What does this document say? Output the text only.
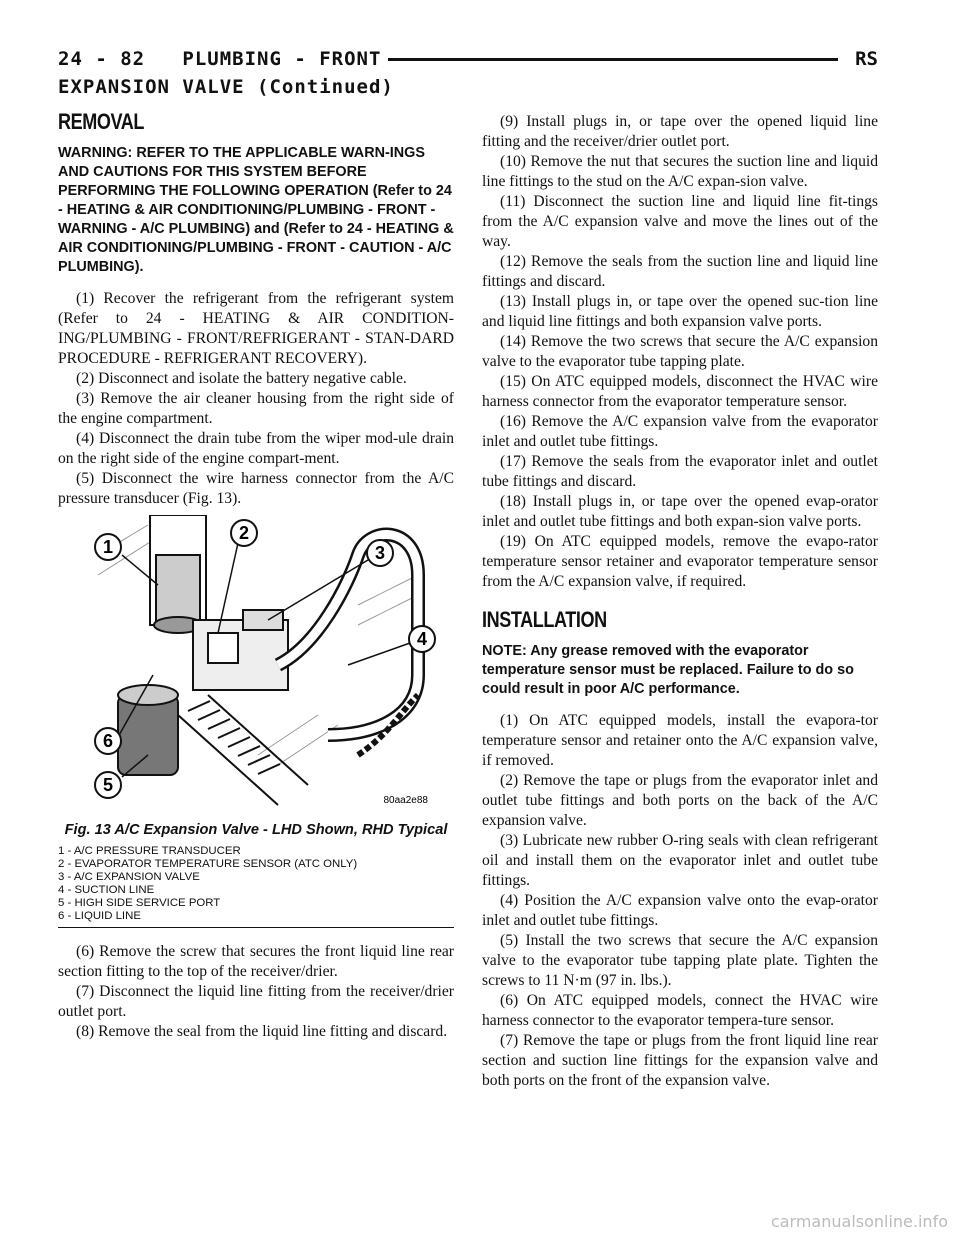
24 - 82 PLUMBING - FRONT	RS
EXPANSION VALVE (Continued)
REMOVAL
WARNING: REFER TO THE APPLICABLE WARN-INGS AND CAUTIONS FOR THIS SYSTEM BEFORE PERFORMING THE FOLLOWING OPERATION (Refer to 24 - HEATING & AIR CONDITIONING/PLUMBING - FRONT - WARNING - A/C PLUMBING) and (Refer to 24 - HEATING & AIR CONDITIONING/PLUMBING - FRONT - CAUTION - A/C PLUMBING).

(1) Recover the refrigerant from the refrigerant system (Refer to 24 - HEATING & AIR CONDITION-ING/PLUMBING - FRONT/REFRIGERANT - STAN-DARD PROCEDURE - REFRIGERANT RECOVERY).

(2) Disconnect and isolate the battery negative cable.

(3) Remove the air cleaner housing from the right side of the engine compartment.

(4) Disconnect the drain tube from the wiper mod-ule drain on the right side of the engine compart-ment.

(5) Disconnect the wire harness connector from the A/C pressure transducer (Fig. 13).

1
2
3
4
5
6
80aa2e88
Fig. 13 A/C Expansion Valve - LHD Shown, RHD Typical
1 - A/C PRESSURE TRANSDUCER
2 - EVAPORATOR TEMPERATURE SENSOR (ATC ONLY)
3 - A/C EXPANSION VALVE
4 - SUCTION LINE
5 - HIGH SIDE SERVICE PORT
6 - LIQUID LINE

(6) Remove the screw that secures the front liquid line rear section fitting to the top of the receiver/drier.

(7) Disconnect the liquid line fitting from the receiver/drier outlet port.

(8) Remove the seal from the liquid line fitting and discard.

(9) Install plugs in, or tape over the opened liquid line fitting and the receiver/drier outlet port.

(10) Remove the nut that secures the suction line and liquid line fittings to the stud on the A/C expan-sion valve.

(11) Disconnect the suction line and liquid line fit-tings from the A/C expansion valve and move the lines out of the way.

(12) Remove the seals from the suction line and liquid line fittings and discard.

(13) Install plugs in, or tape over the opened suc-tion line and liquid line fittings and both expansion valve ports.

(14) Remove the two screws that secure the A/C expansion valve to the evaporator tube tapping plate.

(15) On ATC equipped models, disconnect the HVAC wire harness connector from the evaporator temperature sensor.

(16) Remove the A/C expansion valve from the evaporator inlet and outlet tube fittings.

(17) Remove the seals from the evaporator inlet and outlet tube fittings and discard.

(18) Install plugs in, or tape over the opened evap-orator inlet and outlet tube fittings and both expan-sion valve ports.

(19) On ATC equipped models, remove the evapo-rator temperature sensor retainer and evaporator temperature sensor from the A/C expansion valve, if required.

INSTALLATION
NOTE: Any grease removed with the evaporator temperature sensor must be replaced. Failure to do so could result in poor A/C performance.

(1) On ATC equipped models, install the evapora-tor temperature sensor and retainer onto the A/C expansion valve, if removed.

(2) Remove the tape or plugs from the evaporator inlet and outlet tube fittings and both ports on the back of the A/C expansion valve.

(3) Lubricate new rubber O-ring seals with clean refrigerant oil and install them on the evaporator inlet and outlet tube fittings.

(4) Position the A/C expansion valve onto the evap-orator inlet and outlet tube fittings.

(5) Install the two screws that secure the A/C expansion valve to the evaporator tube tapping plate plate. Tighten the screws to 11 N·m (97 in. lbs.).

(6) On ATC equipped models, connect the HVAC wire harness connector to the evaporator tempera-ture sensor.

(7) Remove the tape or plugs from the front liquid line rear section and suction line fittings for the expansion valve and both ports on the front of the expansion valve.

carmanualsonline.info
